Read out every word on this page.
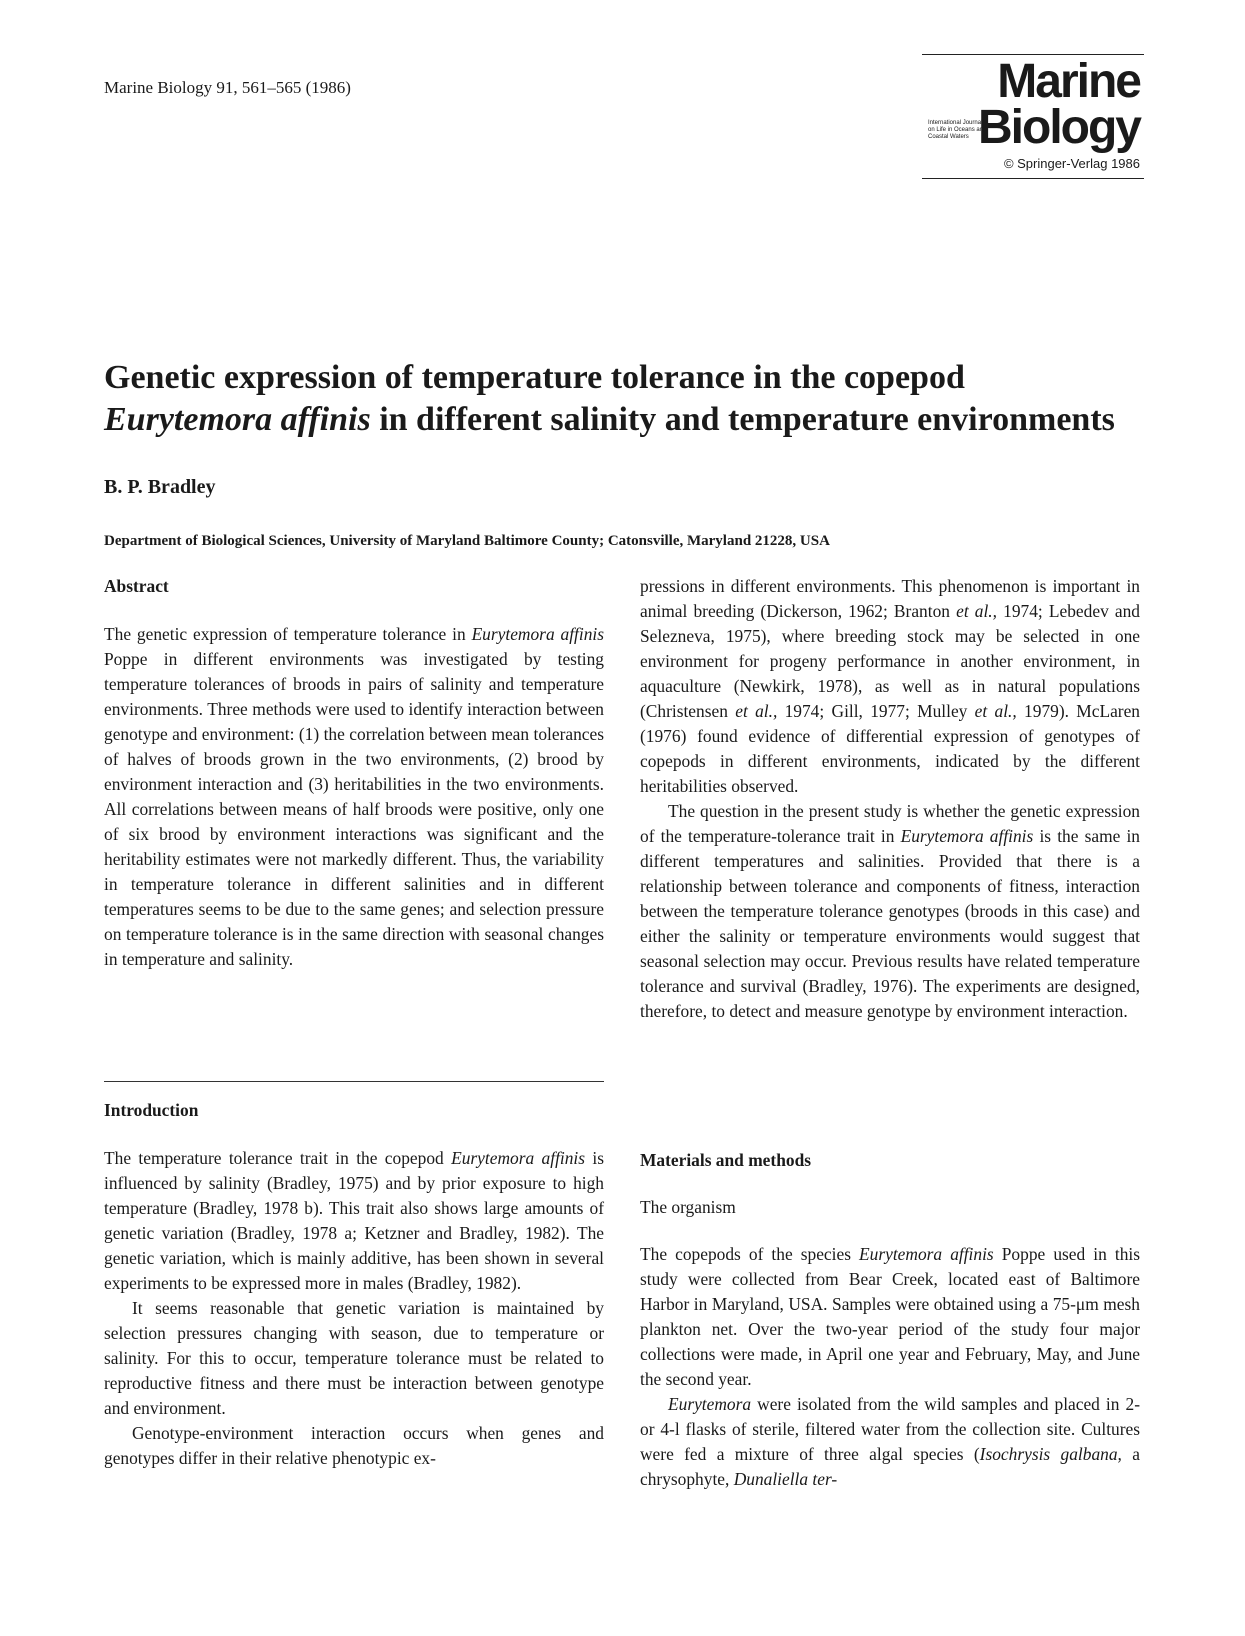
Marine Biology 91, 561–565 (1986)	Marine
International Journal on Life in Oceans and Coastal Waters Biology
© Springer-Verlag 1986
Genetic expression of temperature tolerance in the copepod
Eurytemora affinis in different salinity and temperature environments
B. P. Bradley
Department of Biological Sciences, University of Maryland Baltimore County; Catonsville, Maryland 21228, USA
Abstract

The genetic expression of temperature tolerance in Eurytemora affinis Poppe in different environments was investigated by testing temperature tolerances of broods in pairs of salinity and temperature environments. Three methods were used to identify interaction between genotype and environment: (1) the correlation between mean tolerances of halves of broods grown in the two environments, (2) brood by environment interaction and (3) heritabilities in the two environments. All correlations between means of half broods were positive, only one of six brood by environment interactions was significant and the heritability estimates were not markedly different. Thus, the variability in temperature tolerance in different salinities and in different temperatures seems to be due to the same genes; and selection pressure on temperature tolerance is in the same direction with seasonal changes in temperature and salinity.

Introduction

The temperature tolerance trait in the copepod Eurytemora affinis is influenced by salinity (Bradley, 1975) and by prior exposure to high temperature (Bradley, 1978 b). This trait also shows large amounts of genetic variation (Bradley, 1978 a; Ketzner and Bradley, 1982). The genetic variation, which is mainly additive, has been shown in several experiments to be expressed more in males (Bradley, 1982).

It seems reasonable that genetic variation is maintained by selection pressures changing with season, due to temperature or salinity. For this to occur, temperature tolerance must be related to reproductive fitness and there must be interaction between genotype and environment.

Genotype-environment interaction occurs when genes and genotypes differ in their relative phenotypic ex-

pressions in different environments. This phenomenon is important in animal breeding (Dickerson, 1962; Branton et al., 1974; Lebedev and Selezneva, 1975), where breeding stock may be selected in one environment for progeny performance in another environment, in aquaculture (Newkirk, 1978), as well as in natural populations (Christensen et al., 1974; Gill, 1977; Mulley et al., 1979). McLaren (1976) found evidence of differential expression of genotypes of copepods in different environments, indicated by the different heritabilities observed.

The question in the present study is whether the genetic expression of the temperature-tolerance trait in Eurytemora affinis is the same in different temperatures and salinities. Provided that there is a relationship between tolerance and components of fitness, interaction between the temperature tolerance genotypes (broods in this case) and either the salinity or temperature environments would suggest that seasonal selection may occur. Previous results have related temperature tolerance and survival (Bradley, 1976). The experiments are designed, therefore, to detect and measure genotype by environment interaction.

Materials and methods
The organism

The copepods of the species Eurytemora affinis Poppe used in this study were collected from Bear Creek, located east of Baltimore Harbor in Maryland, USA. Samples were obtained using a 75-μm mesh plankton net. Over the two-year period of the study four major collections were made, in April one year and February, May, and June the second year.

Eurytemora were isolated from the wild samples and placed in 2- or 4-l flasks of sterile, filtered water from the collection site. Cultures were fed a mixture of three algal species (Isochrysis galbana, a chrysophyte, Dunaliella ter-
